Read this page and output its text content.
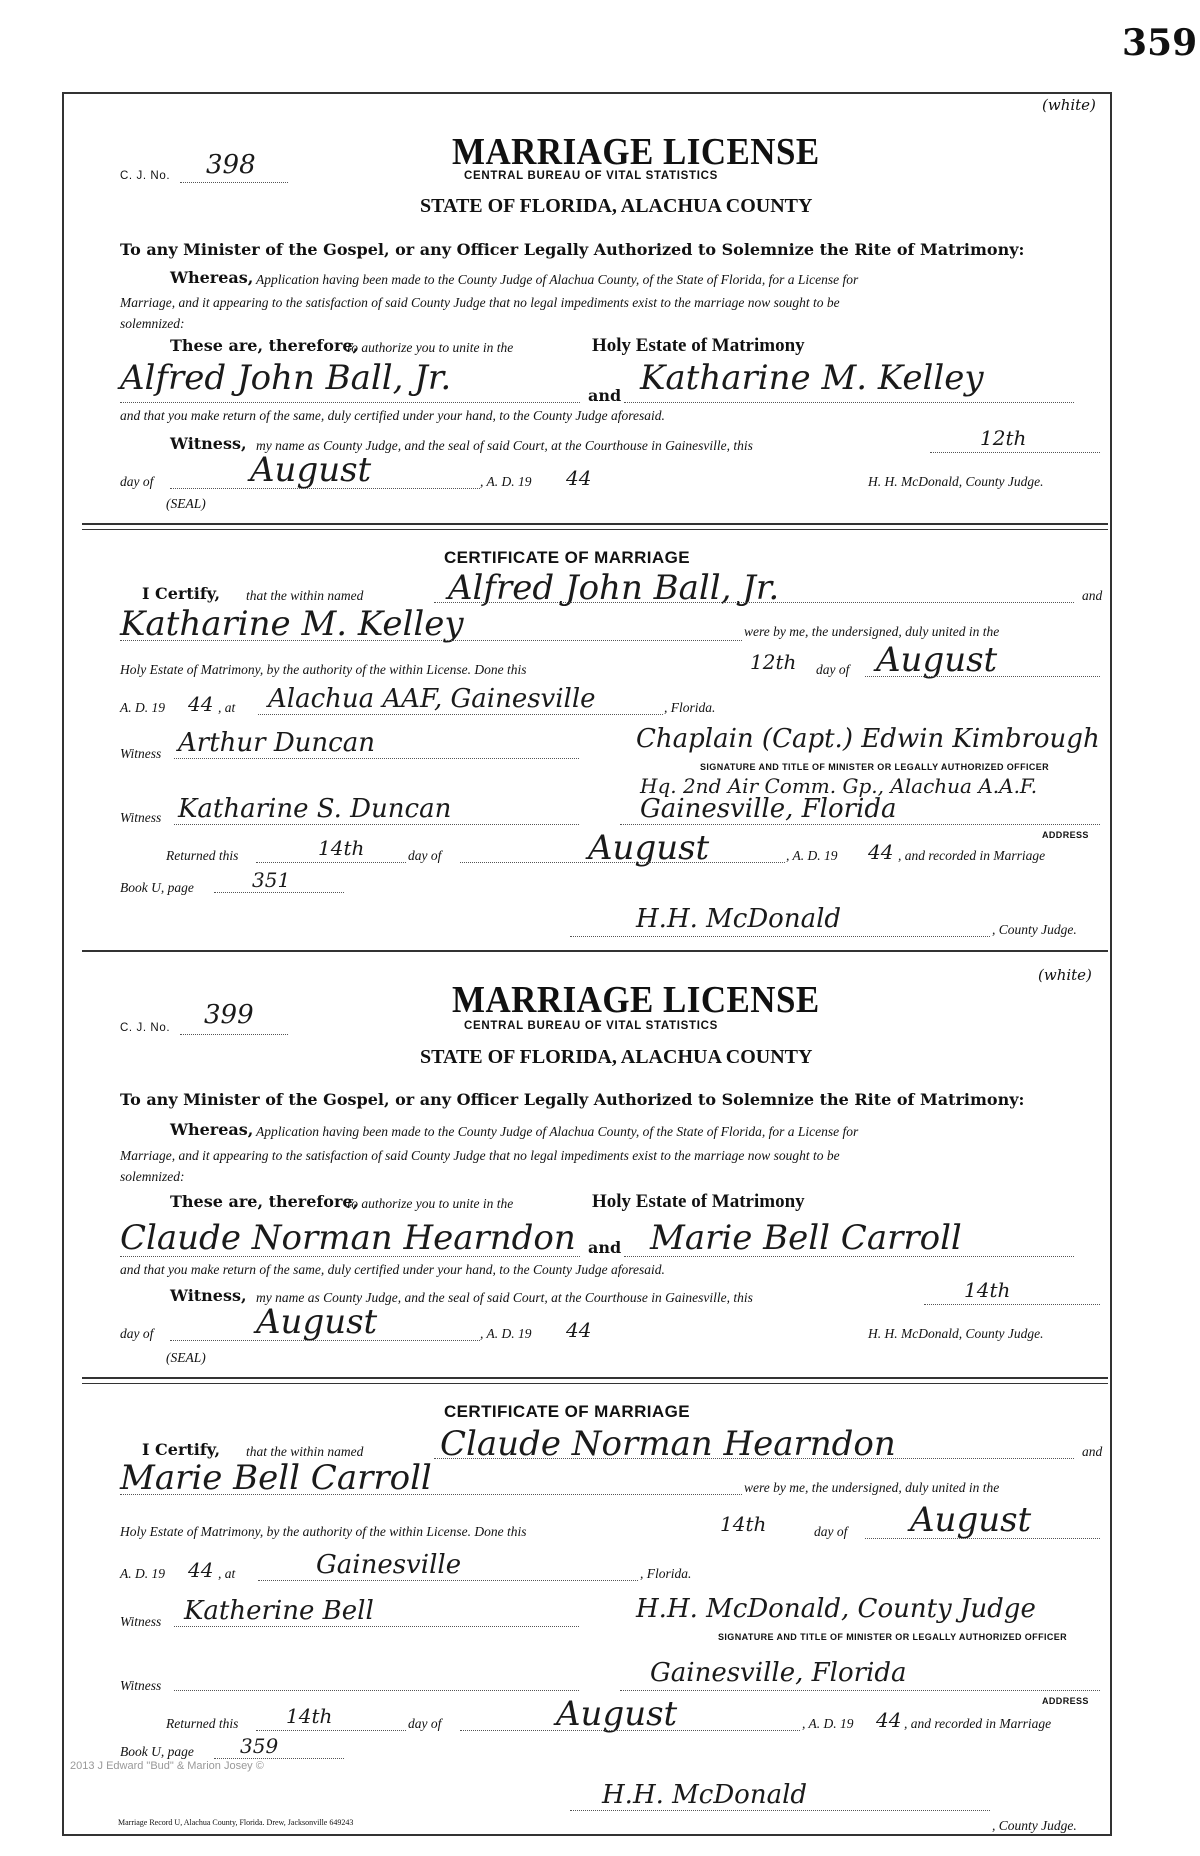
359
(white)
C. J. No. 398	MARRIAGE LICENSE
CENTRAL BUREAU OF VITAL STATISTICS
STATE OF FLORIDA, ALACHUA COUNTY
To any Minister of the Gospel, or any Officer Legally Authorized to Solemnize the Rite of Matrimony:
Whereas, Application having been made to the County Judge of Alachua County, of the State of Florida, for a License for
Marriage, and it appearing to the satisfaction of said County Judge that no legal impediments exist to the marriage now sought to be
solemnized:
These are, therefore,
To authorize you to unite in the	Holy Estate of Matrimony
Alfred John Ball, Jr.	and Katharine M. Kelley
and that you make return of the same, duly certified under your hand, to the County Judge aforesaid.
Witness, my name as County Judge, and the seal of said Court, at the Courthouse in Gainesville, this	12th
day of	August	, A. D. 19 44	H. H. McDonald, County Judge.
(SEAL)
CERTIFICATE OF MARRIAGE
I Certify, that the within named Alfred John Ball, Jr.	and
Katharine M. Kelley	were by me, the undersigned, duly united in the
Holy Estate of Matrimony, by the authority of the within License. Done this	12th day of August
A. D. 19 44 , at Alachua AAF, Gainesville	, Florida.
Witness Arthur Duncan	Chaplain (Capt.) Edwin Kimbrough
SIGNATURE AND TITLE OF MINISTER OR LEGALLY AUTHORIZED OFFICER
Hq. 2nd Air Comm. Gp., Alachua A.A.F.
Witness Katharine S. Duncan	Gainesville, Florida
ADDRESS
Returned this	14th	day of	August	, A. D. 19 44 , and recorded in Marriage
Book U, page	351
H.H. McDonald	, County Judge.
(white)
C. J. No. 399	MARRIAGE LICENSE
CENTRAL BUREAU OF VITAL STATISTICS
STATE OF FLORIDA, ALACHUA COUNTY
To any Minister of the Gospel, or any Officer Legally Authorized to Solemnize the Rite of Matrimony:
Whereas, Application having been made to the County Judge of Alachua County, of the State of Florida, for a License for
Marriage, and it appearing to the satisfaction of said County Judge that no legal impediments exist to the marriage now sought to be
solemnized:
These are, therefore,
To authorize you to unite in the	Holy Estate of Matrimony
Claude Norman Hearndon and Marie Bell Carroll
and that you make return of the same, duly certified under your hand, to the County Judge aforesaid.
Witness, my name as County Judge, and the seal of said Court, at the Courthouse in Gainesville, this	14th
day of	August	, A. D. 19 44	H. H. McDonald, County Judge.
(SEAL)
CERTIFICATE OF MARRIAGE
I Certify, that the within named Claude Norman Hearndon	and
Marie Bell Carroll	were by me, the undersigned, duly united in the
Holy Estate of Matrimony, by the authority of the within License. Done this	14th	day of August
A. D. 19 44 , at	Gainesville	, Florida.
Witness Katherine Bell	H.H. McDonald, County Judge
SIGNATURE AND TITLE OF MINISTER OR LEGALLY AUTHORIZED OFFICER
Witness	Gainesville, Florida
ADDRESS
Returned this 14th	day of	August	, A. D. 19 44 , and recorded in Marriage
Book U, page 359
2013 J Edward "Bud" & Marion Josey ©
H.H. McDonald
, County Judge.
Marriage Record U, Alachua County, Florida. Drew, Jacksonville 649243
